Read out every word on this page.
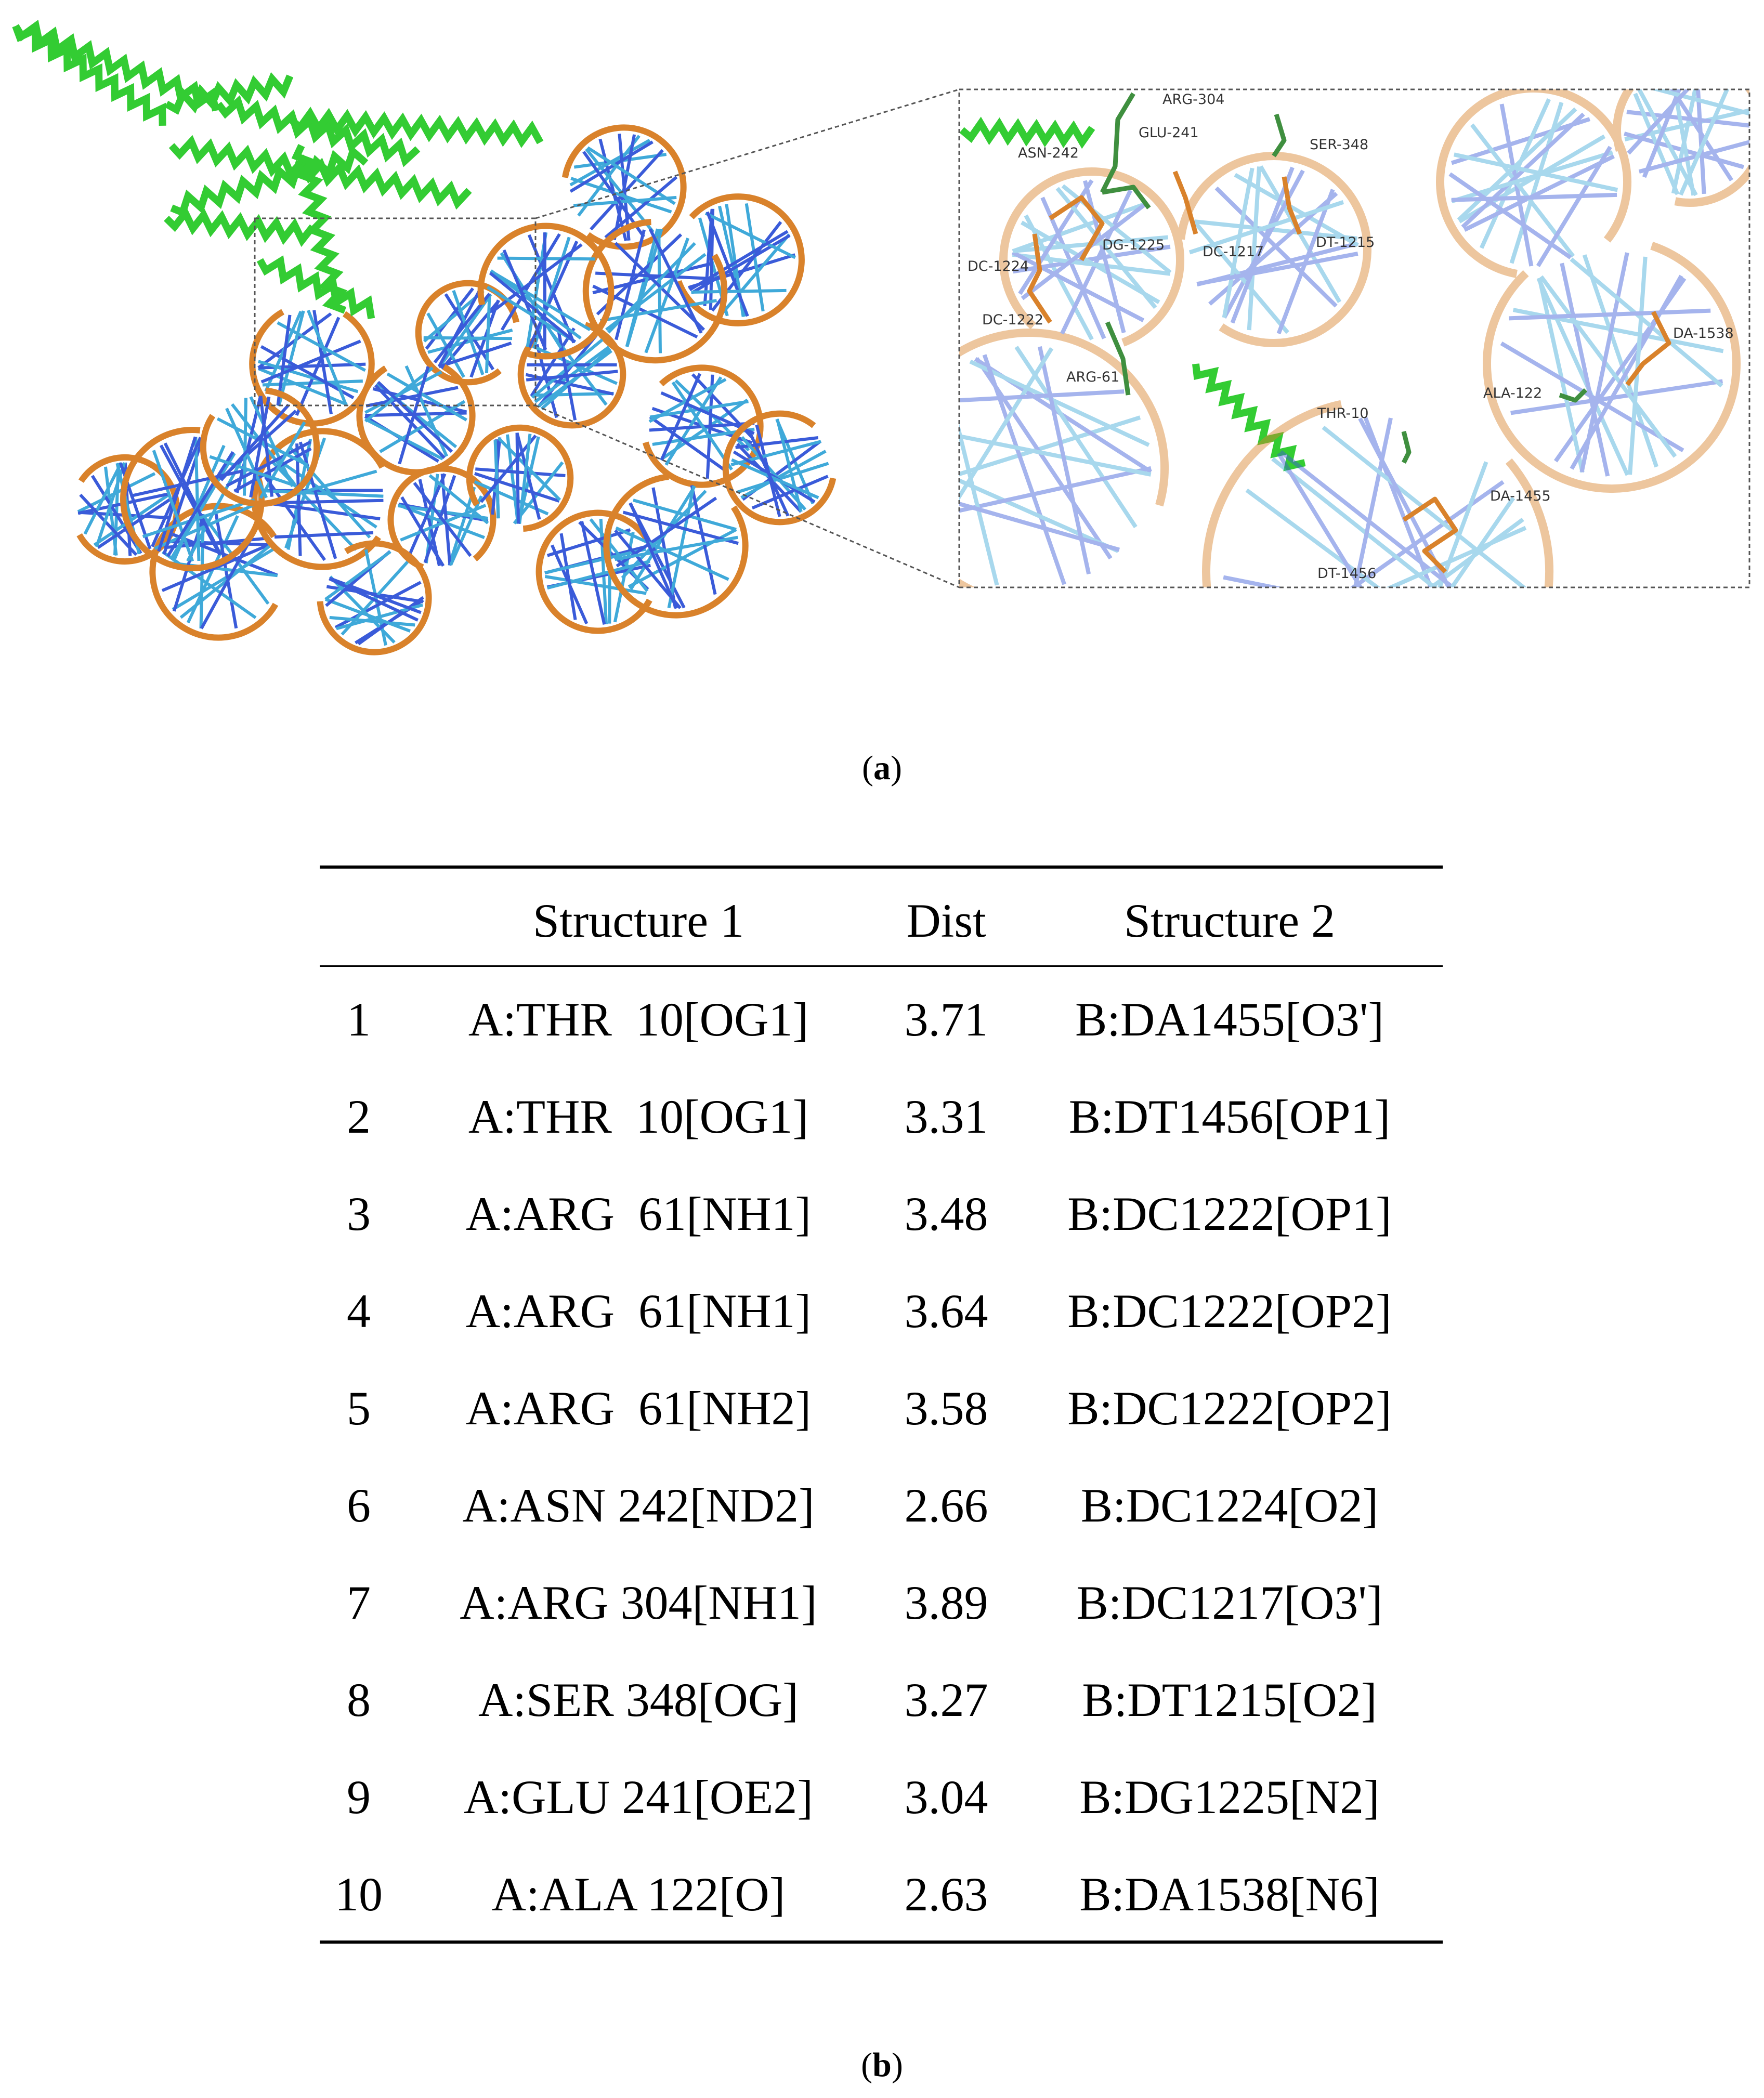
ARG-304
GLU-241
ASN-242
SER-348
DG-1225	DC-1217
DT-1215
DC-1224
DC-1222
ARG-61
DA-1538
ALA-122
THR-10
DA-1455
DT-1456
(a)
Structure 1	Dist	Structure 2
1 A:THR  10[OG1] 3.71 B:DA1455[O3']
2 A:THR  10[OG1] 3.31 B:DT1456[OP1]
3 A:ARG  61[NH1] 3.48 B:DC1222[OP1]
4 A:ARG  61[NH1] 3.64 B:DC1222[OP2]
5 A:ARG  61[NH2] 3.58 B:DC1222[OP2]
6 A:ASN 242[ND2] 2.66 B:DC1224[O2]
7 A:ARG 304[NH1] 3.89 B:DC1217[O3']
8 A:SER 348[OG] 3.27 B:DT1215[O2]
9 A:GLU 241[OE2] 3.04 B:DG1225[N2]
10 A:ALA 122[O] 2.63 B:DA1538[N6]
(b)
